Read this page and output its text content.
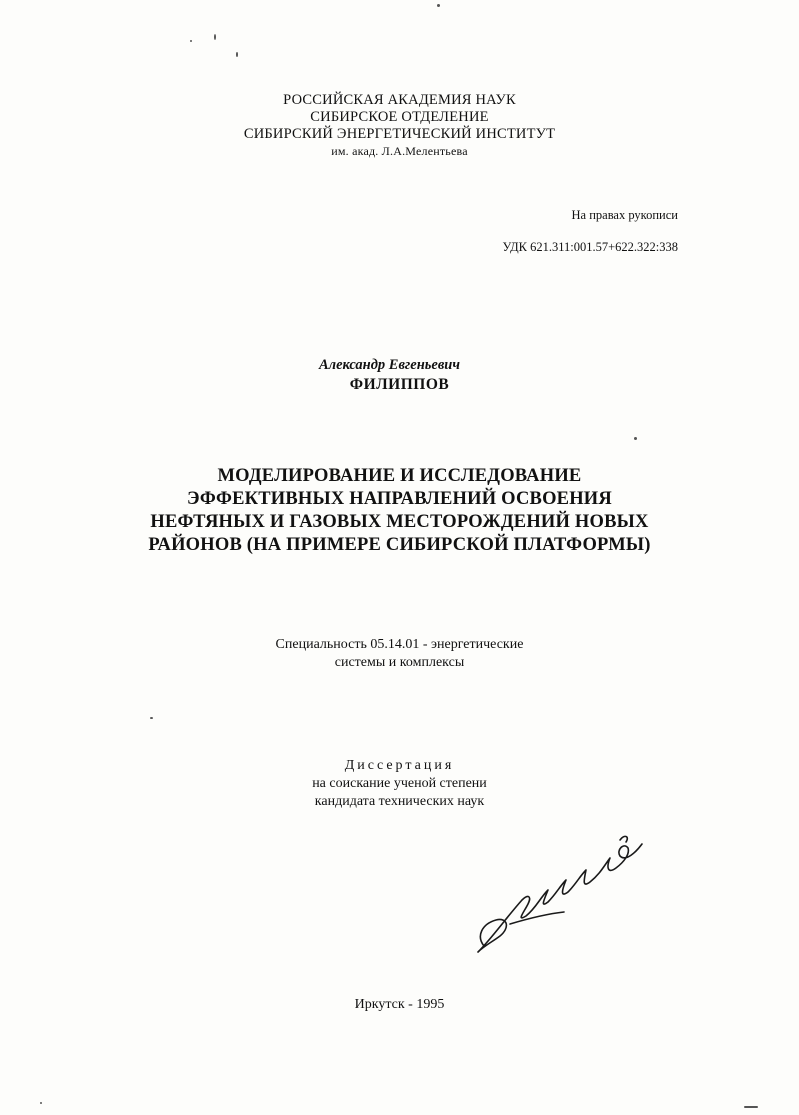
РОССИЙСКАЯ АКАДЕМИЯ НАУК
СИБИРСКОЕ ОТДЕЛЕНИЕ
СИБИРСКИЙ ЭНЕРГЕТИЧЕСКИЙ ИНСТИТУТ
им. акад. Л.А.Мелентьева
На правах рукописи
УДК 621.311:001.57+622.322:338
Александр Евгеньевич
ФИЛИППОВ
МОДЕЛИРОВАНИЕ И ИССЛЕДОВАНИЕ
ЭФФЕКТИВНЫХ НАПРАВЛЕНИЙ ОСВОЕНИЯ
НЕФТЯНЫХ И ГАЗОВЫХ МЕСТОРОЖДЕНИЙ НОВЫХ
РАЙОНОВ (НА ПРИМЕРЕ СИБИРСКОЙ ПЛАТФОРМЫ)
Специальность 05.14.01 - энергетические
системы и комплексы
Диссертация
на соискание ученой степени
кандидата технических наук
Иркутск - 1995
